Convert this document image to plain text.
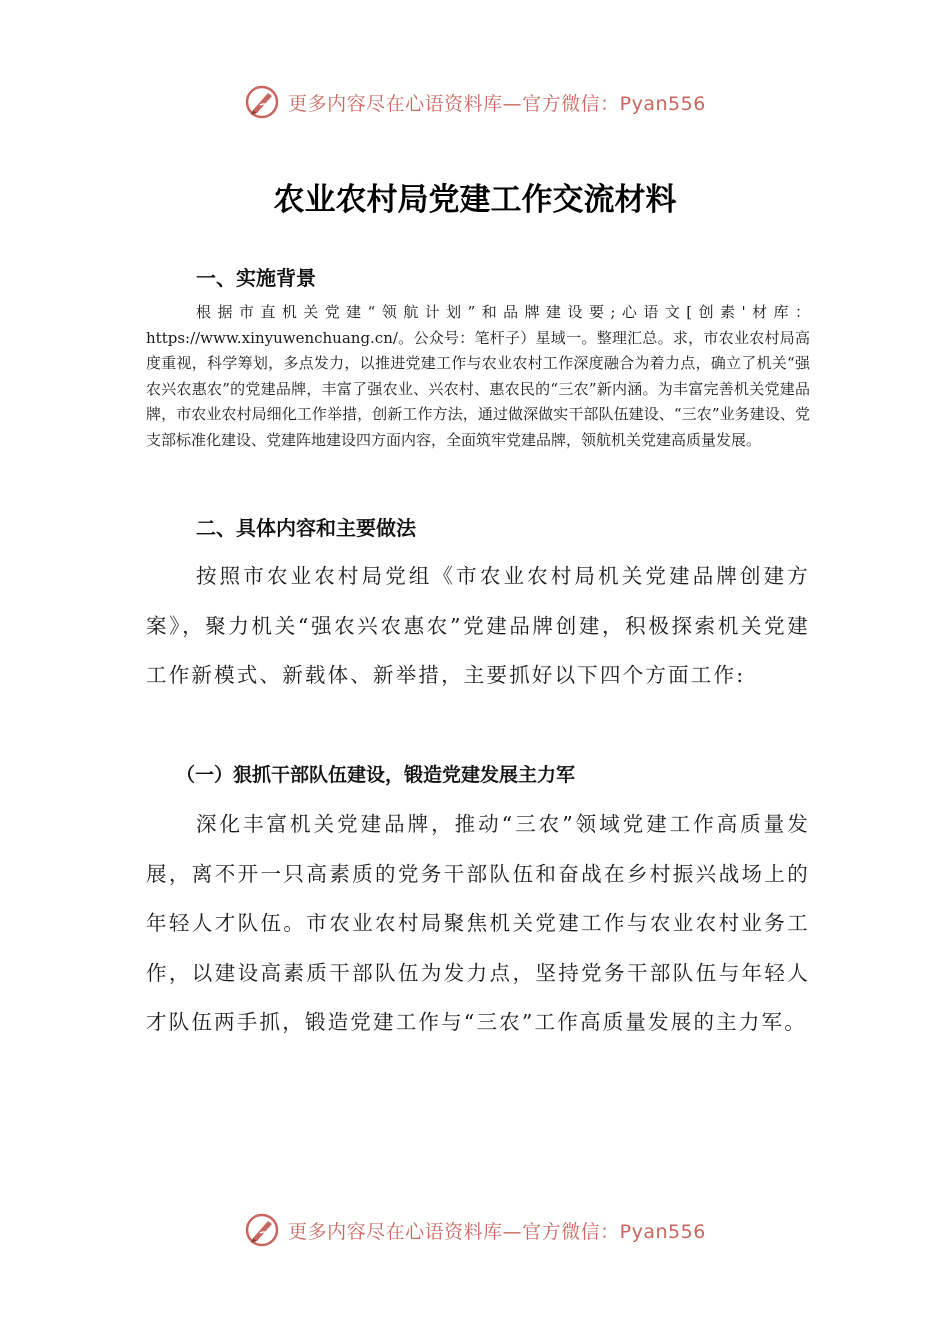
更多内容尽在心语资料库—官方微信：Pyan556
农业农村局党建工作交流材料
一、实施背景

根据市直机关党建“领航计划”和品牌建设要;心语文[创素'材库：https://www.xinyuwenchuang.cn/。公众号：笔杆子）星域一。整理汇总。求，市农业农村局高度重视，科学筹划，多点发力，以推进党建工作与农业农村工作深度融合为着力点，确立了机关“强农兴农惠农”的党建品牌，丰富了强农业、兴农村、惠农民的“三农”新内涵。为丰富完善机关党建品牌，市农业农村局细化工作举措，创新工作方法，通过做深做实干部队伍建设、“三农”业务建设、党支部标准化建设、党建阵地建设四方面内容，全面筑牢党建品牌，领航机关党建高质量发展。

二、具体内容和主要做法

按照市农业农村局党组《市农业农村局机关党建品牌创建方案》，聚力机关“强农兴农惠农”党建品牌创建，积极探索机关党建工作新模式、新载体、新举措，主要抓好以下四个方面工作:

（一）狠抓干部队伍建设，锻造党建发展主力军

深化丰富机关党建品牌，推动“三农”领域党建工作高质量发展，离不开一只高素质的党务干部队伍和奋战在乡村振兴战场上的年轻人才队伍。市农业农村局聚焦机关党建工作与农业农村业务工作，以建设高素质干部队伍为发力点，坚持党务干部队伍与年轻人才队伍两手抓，锻造党建工作与“三农”工作高质量发展的主力军。

更多内容尽在心语资料库—官方微信：Pyan556
